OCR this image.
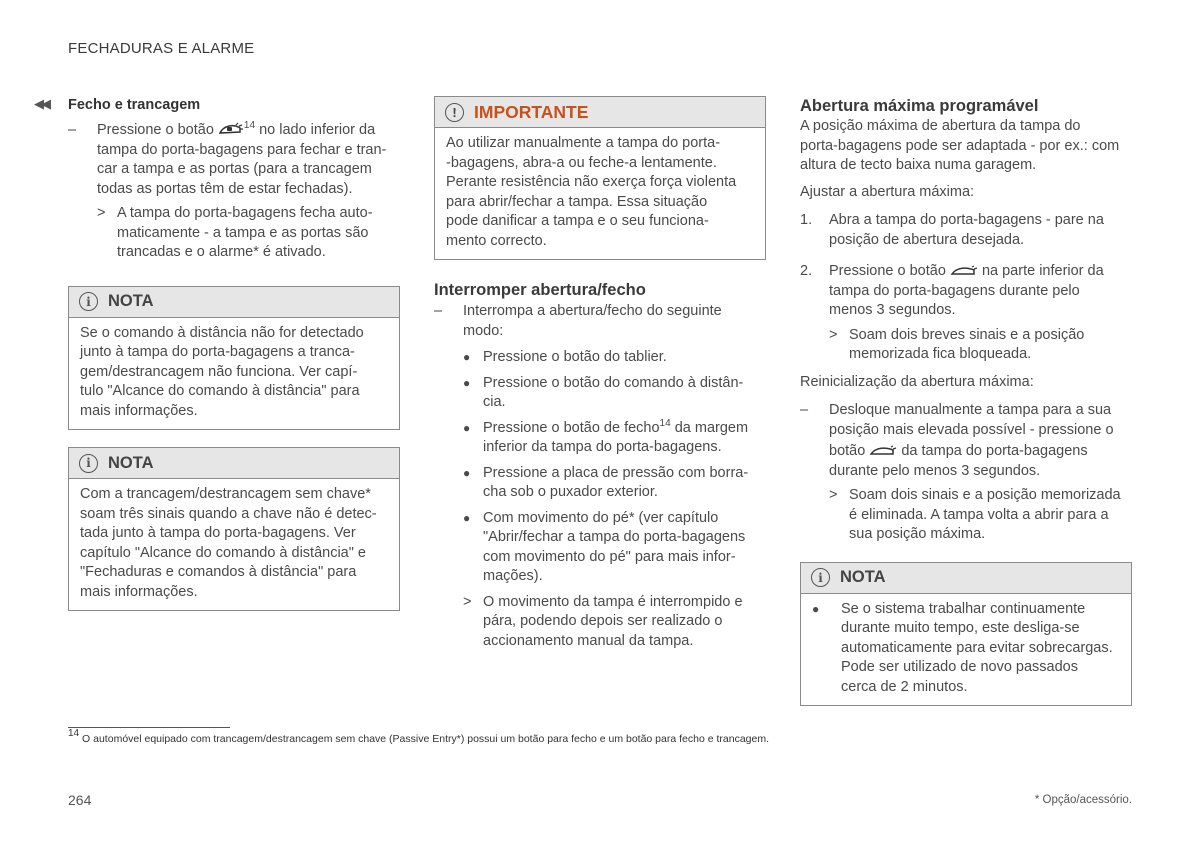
FECHADURAS E ALARME
◀◀ Fecho e trancagem
– Pressione o botão	$^{14}$ no lado inferior da
tampa do porta-bagagens para fechar e tran-
car a tampa e as portas (para a trancagem
todas as portas têm de estar fechadas).
> A tampa do porta-bagagens fecha auto-
maticamente - a tampa e as portas são
trancadas e o alarme* é ativado.
i	NOTA
Se o comando à distância não for detectado
junto à tampa do porta-bagagens a tranca-
gem/destrancagem não funciona. Ver capí-
tulo "Alcance do comando à distância" para
mais informações.
i	NOTA
Com a trancagem/destrancagem sem chave*
soam três sinais quando a chave não é detec-
tada junto à tampa do porta-bagagens. Ver
capítulo "Alcance do comando à distância" e
"Fechaduras e comandos à distância" para
mais informações.
! IMPORTANTE
Ao utilizar manualmente a tampa do porta-
-bagagens, abra-a ou feche-a lentamente.
Perante resistência não exerça força violenta
para abrir/fechar a tampa. Essa situação
pode danificar a tampa e o seu funciona-
mento correcto.
Interromper abertura/fecho
– Interrompa a abertura/fecho do seguinte
modo:
● Pressione o botão do tablier.
● Pressione o botão do comando à distân-
cia.
● Pressione o botão de fecho$^{14}$ da margem
inferior da tampa do porta-bagagens.
● Pressione a placa de pressão com borra-
cha sob o puxador exterior.
● Com movimento do pé* (ver capítulo
"Abrir/fechar a tampa do porta-bagagens
com movimento do pé" para mais infor-
mações).
> O movimento da tampa é interrompido e
pára, podendo depois ser realizado o
accionamento manual da tampa.
Abertura máxima programável
A posição máxima de abertura da tampa do
porta-bagagens pode ser adaptada - por ex.: com
altura de tecto baixa numa garagem.
Ajustar a abertura máxima:
1. Abra a tampa do porta-bagagens - pare na
posição de abertura desejada.
2. Pressione o botão na parte inferior da
tampa do porta-bagagens durante pelo
menos 3 segundos.
> Soam dois breves sinais e a posição
memorizada fica bloqueada.
Reinicialização da abertura máxima:
– Desloque manualmente a tampa para a sua
posição mais elevada possível - pressione o
botão da tampa do porta-bagagens
durante pelo menos 3 segundos.
> Soam dois sinais e a posição memorizada
é eliminada. A tampa volta a abrir para a
sua posição máxima.
i	NOTA
● Se o sistema trabalhar continuamente
durante muito tempo, este desliga-se
automaticamente para evitar sobrecargas.
Pode ser utilizado de novo passados
cerca de 2 minutos.
$^{14}$ O automóvel equipado com trancagem/destrancagem sem chave (Passive Entry*) possui um botão para fecho e um botão para fecho e trancagem.
264	* Opção/acessório.
